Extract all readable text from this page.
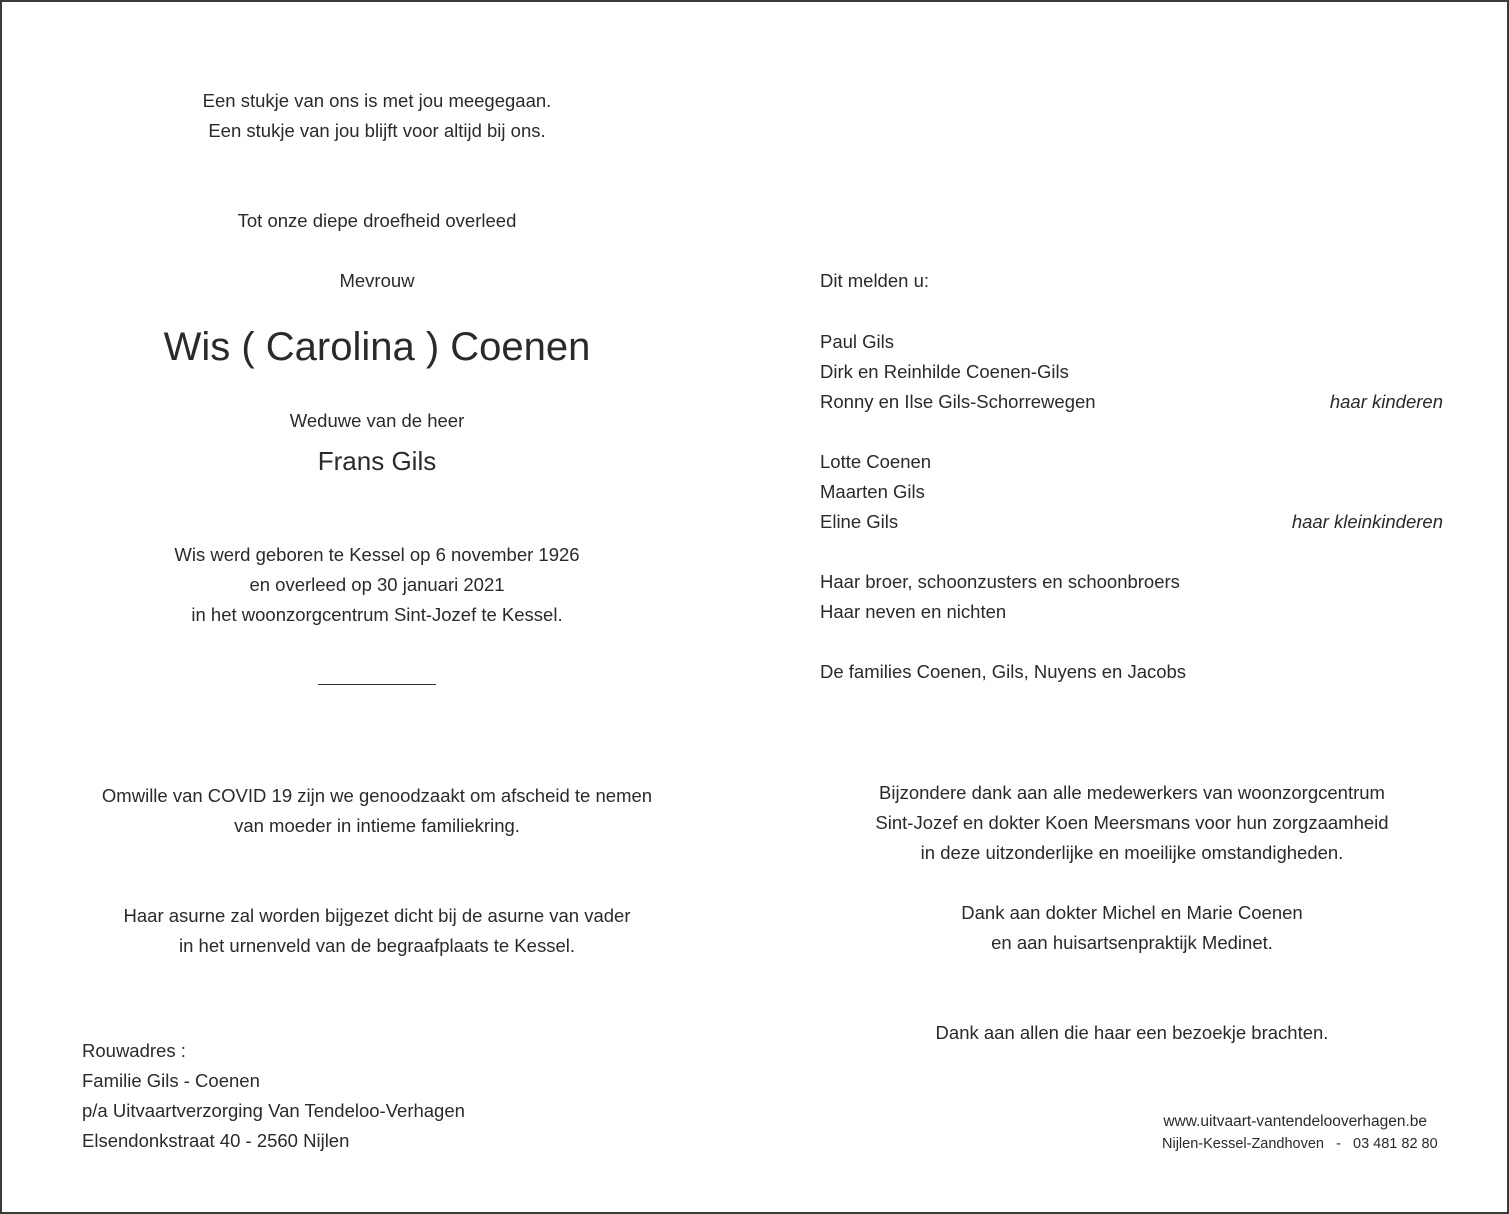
Een stukje van ons is met jou meegegaan.
Een stukje van jou blijft voor altijd bij ons.
Tot onze diepe droefheid overleed
Mevrouw
Wis ( Carolina ) Coenen
Weduwe van de heer
Frans Gils
Wis werd geboren te Kessel op 6 november 1926
en overleed op 30 januari 2021
in het woonzorgcentrum Sint-Jozef te Kessel.
Omwille van COVID 19 zijn we genoodzaakt om afscheid te nemen
van moeder in intieme familiekring.
Haar asurne zal worden bijgezet dicht bij de asurne van vader
in het urnenveld van de begraafplaats te Kessel.
Rouwadres :
Familie Gils - Coenen
p/a Uitvaartverzorging Van Tendeloo-Verhagen
Elsendonkstraat 40 - 2560 Nijlen
Dit melden u:
Paul Gils
Dirk en Reinhilde Coenen-Gils
Ronny en Ilse Gils-Schorrewegen	haar kinderen
Lotte Coenen
Maarten Gils
Eline Gils	haar kleinkinderen
Haar broer, schoonzusters en schoonbroers
Haar neven en nichten
De families Coenen, Gils, Nuyens en Jacobs
Bijzondere dank aan alle medewerkers van woonzorgcentrum
Sint-Jozef en dokter Koen Meersmans voor hun zorgzaamheid
in deze uitzonderlijke en moeilijke omstandigheden.
Dank aan dokter Michel en Marie Coenen
en aan huisartsenpraktijk Medinet.
Dank aan allen die haar een bezoekje brachten.
www.uitvaart-vantendelooverhagen.be
Nijlen-Kessel-Zandhoven   -   03 481 82 80
